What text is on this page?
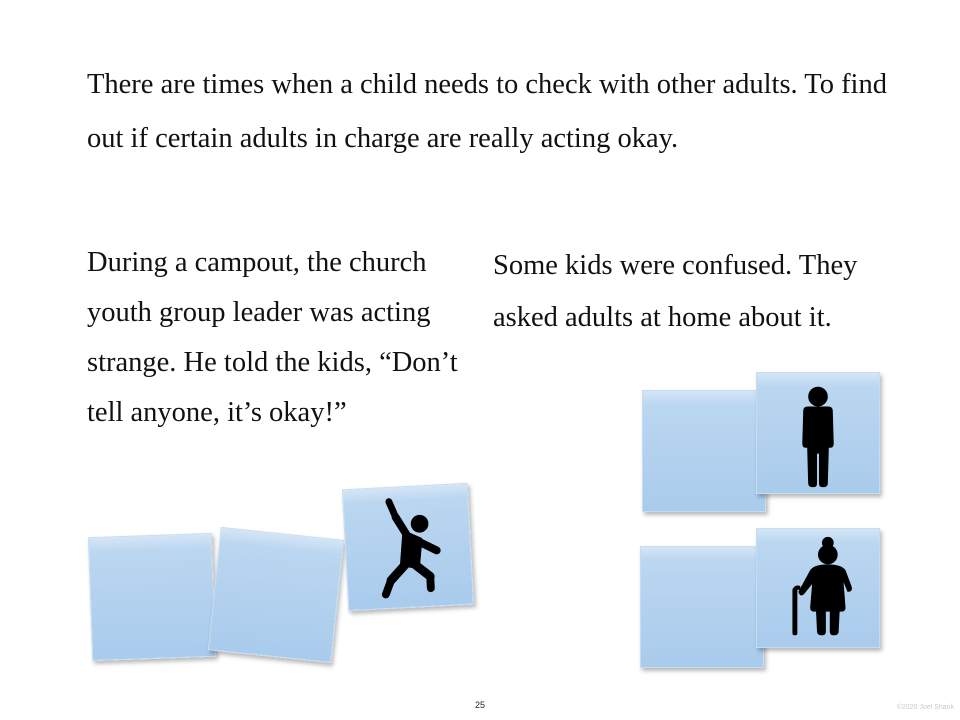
There are times when a child needs to check with other adults. To find out if certain adults in charge are really acting okay.

During a campout, the church youth group leader was acting strange. He told the kids, “Don’t tell anyone, it’s okay!”

Some kids were confused. They asked adults at home about it.

25	©2020 Joel Shank
